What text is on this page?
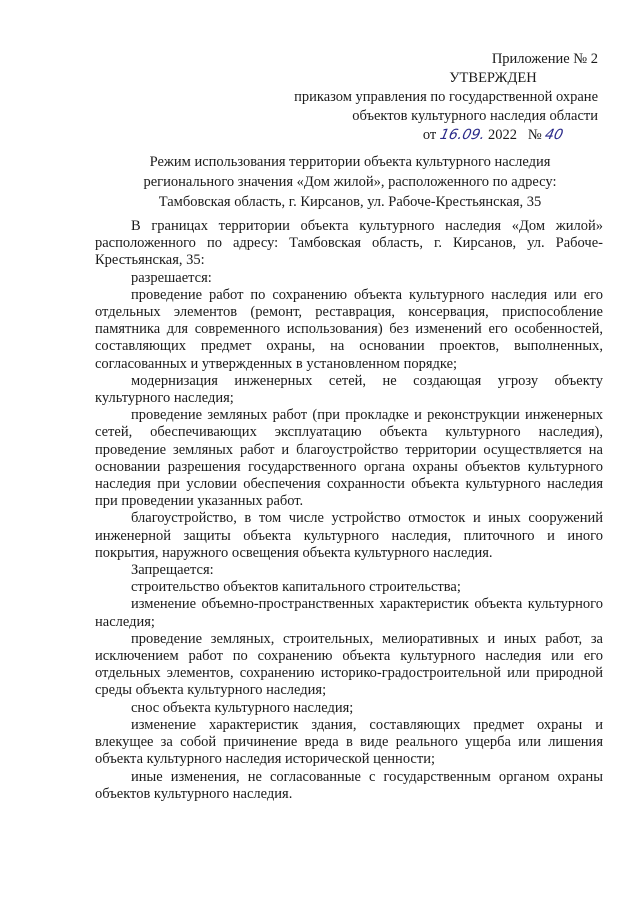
Приложение № 2
УТВЕРЖДЕН
приказом управления по государственной охране
объектов культурного наследия области
от 16.09. 2022 № 40
Режим использования территории объекта культурного наследия
регионального значения «Дом жилой», расположенного по адресу:
Тамбовская область, г. Кирсанов, ул. Рабоче-Крестьянская, 35

В границах территории объекта культурного наследия «Дом жилой» расположенного по адресу: Тамбовская область, г. Кирсанов, ул. Рабоче-Крестьянская, 35:

разрешается:

проведение работ по сохранению объекта культурного наследия или его отдельных элементов (ремонт, реставрация, консервация, приспособление памятника для современного использования) без изменений его особенностей, составляющих предмет охраны, на основании проектов, выполненных, согласованных и утвержденных в установленном порядке;

модернизация инженерных сетей, не создающая угрозу объекту культурного наследия;

проведение земляных работ (при прокладке и реконструкции инженерных сетей, обеспечивающих эксплуатацию объекта культурного наследия), проведение земляных работ и благоустройство территории осуществляется на основании разрешения государственного органа охраны объектов культурного наследия при условии обеспечения сохранности объекта культурного наследия при проведении указанных работ.

благоустройство, в том числе устройство отмосток и иных сооружений инженерной защиты объекта культурного наследия, плиточного и иного покрытия, наружного освещения объекта культурного наследия.

Запрещается:

строительство объектов капитального строительства;

изменение объемно-пространственных характеристик объекта культурного наследия;

проведение земляных, строительных, мелиоративных и иных работ, за исключением работ по сохранению объекта культурного наследия или его отдельных элементов, сохранению историко-градостроительной или природной среды объекта культурного наследия;

снос объекта культурного наследия;

изменение характеристик здания, составляющих предмет охраны и влекущее за собой причинение вреда в виде реального ущерба или лишения объекта культурного наследия исторической ценности;

иные изменения, не согласованные с государственным органом охраны объектов культурного наследия.
